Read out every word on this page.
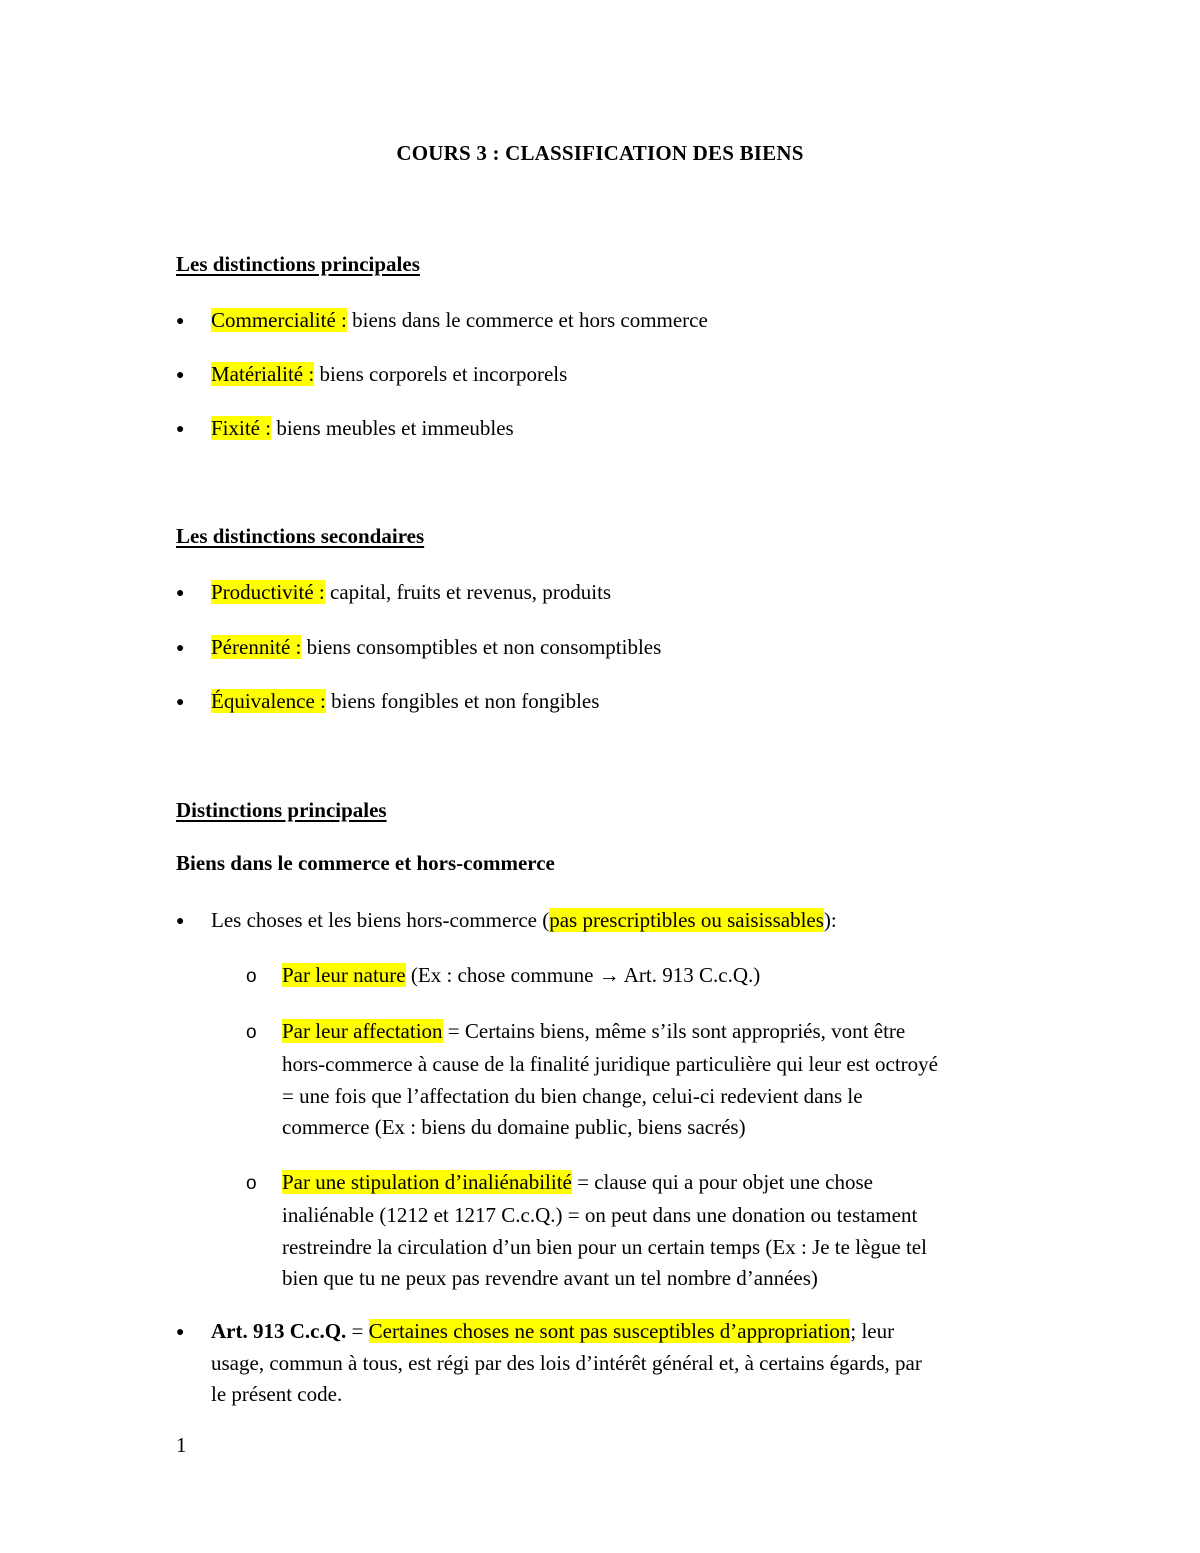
COURS 3 : CLASSIFICATION DES BIENS
Les distinctions principales
● Commercialité : biens dans le commerce et hors commerce
● Matérialité : biens corporels et incorporels
● Fixité : biens meubles et immeubles
Les distinctions secondaires
● Productivité : capital, fruits et revenus, produits
● Pérennité : biens consomptibles et non consomptibles
● Équivalence : biens fongibles et non fongibles
Distinctions principales
Biens dans le commerce et hors-commerce
● Les choses et les biens hors-commerce (pas prescriptibles ou saisissables):
o Par leur nature (Ex : chose commune → Art. 913 C.c.Q.)
o Par leur affectation = Certains biens, même s’ils sont appropriés, vont être
hors-commerce à cause de la finalité juridique particulière qui leur est octroyé
= une fois que l’affectation du bien change, celui-ci redevient dans le
commerce (Ex : biens du domaine public, biens sacrés)
o Par une stipulation d’inaliénabilité = clause qui a pour objet une chose
inaliénable (1212 et 1217 C.c.Q.) = on peut dans une donation ou testament
restreindre la circulation d’un bien pour un certain temps (Ex : Je te lègue tel
bien que tu ne peux pas revendre avant un tel nombre d’années)
● Art. 913 C.c.Q. = Certaines choses ne sont pas susceptibles d’appropriation; leur
usage, commun à tous, est régi par des lois d’intérêt général et, à certains égards, par
le présent code.
1
